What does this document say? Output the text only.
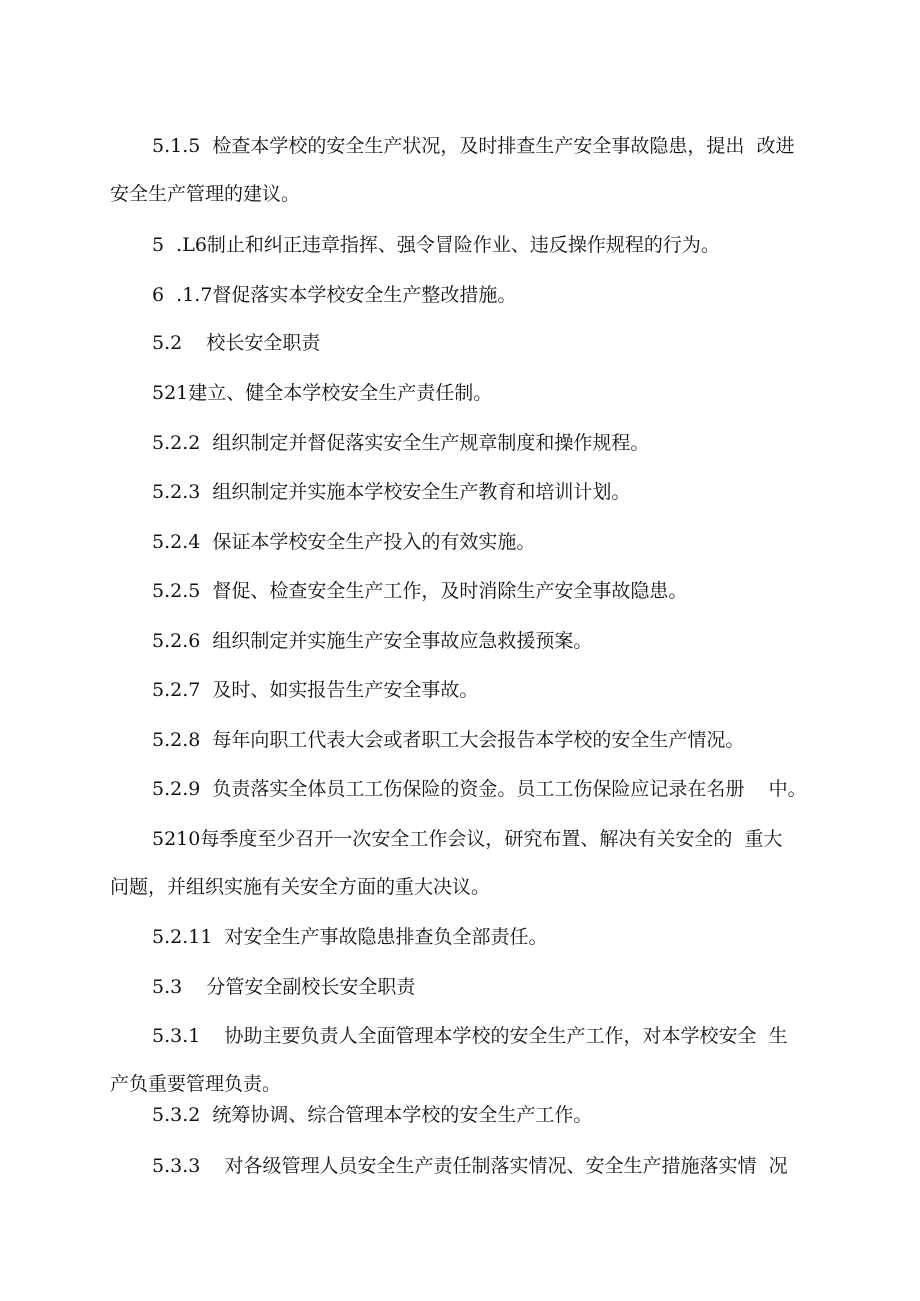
5.1.5  检查本学校的安全生产状况，及时排查生产安全事故隐患，提出  改进
安全生产管理的建议。
5  .L6制止和纠正违章指挥、强令冒险作业、违反操作规程的行为。
6  .1.7督促落实本学校安全生产整改措施。
5.2    校长安全职责
521建立、健全本学校安全生产责任制。
5.2.2  组织制定并督促落实安全生产规章制度和操作规程。
5.2.3  组织制定并实施本学校安全生产教育和培训计划。
5.2.4  保证本学校安全生产投入的有效实施。
5.2.5  督促、检查安全生产工作，及时消除生产安全事故隐患。
5.2.6  组织制定并实施生产安全事故应急救援预案。
5.2.7  及时、如实报告生产安全事故。
5.2.8  每年向职工代表大会或者职工大会报告本学校的安全生产情况。
5.2.9  负责落实全体员工工伤保险的资金。员工工伤保险应记录在名册    中。
5210每季度至少召开一次安全工作会议，研究布置、解决有关安全的  重大
问题，并组织实施有关安全方面的重大决议。
5.2.11  对安全生产事故隐患排查负全部责任。
5.3    分管安全副校长安全职责
5.3.1    协助主要负责人全面管理本学校的安全生产工作，对本学校安全  生
产负重要管理负责。
5.3.2  统筹协调、综合管理本学校的安全生产工作。
5.3.3    对各级管理人员安全生产责任制落实情况、安全生产措施落实情  况
